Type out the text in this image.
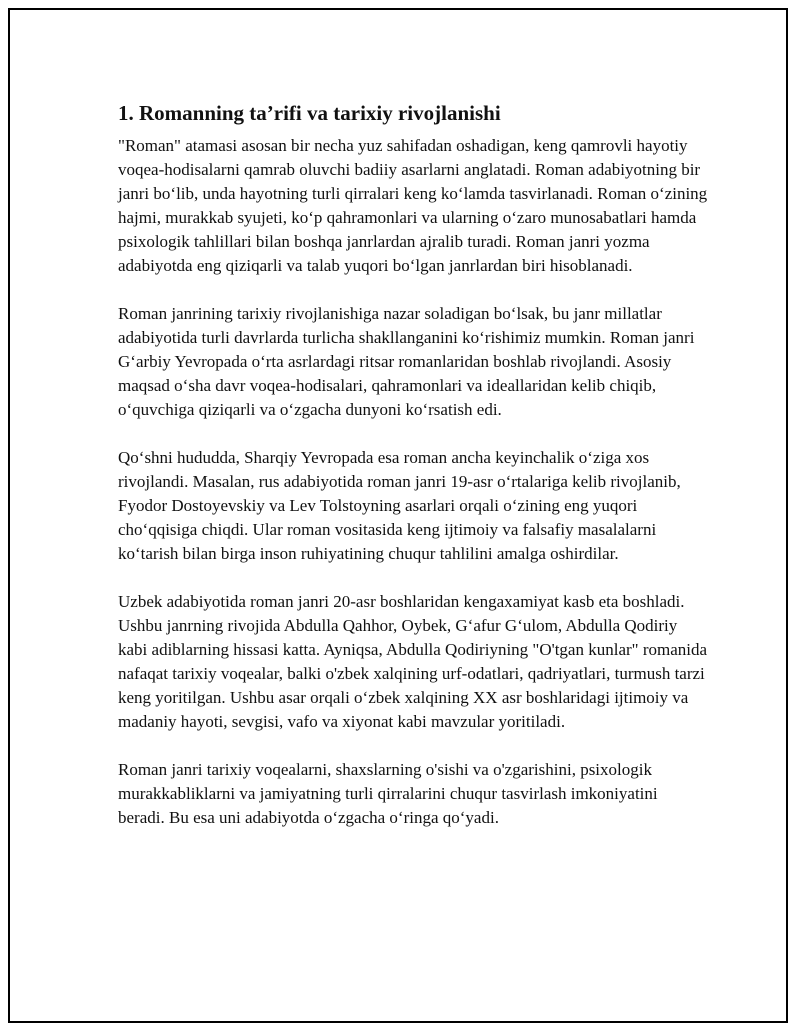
1. Romanning ta’rifi va tarixiy rivojlanishi

"Roman" atamasi asosan bir necha yuz sahifadan oshadigan, keng qamrovli hayotiy voqea-hodisalarni qamrab oluvchi badiiy asarlarni anglatadi. Roman adabiyotning bir janri boʻlib, unda hayotning turli qirralari keng koʻlamda tasvirlanadi. Roman oʻzining hajmi, murakkab syujeti, koʻp qahramonlari va ularning oʻzaro munosabatlari hamda psixologik tahlillari bilan boshqa janrlardan ajralib turadi. Roman janri yozma adabiyotda eng qiziqarli va talab yuqori boʻlgan janrlardan biri hisoblanadi.

Roman janrining tarixiy rivojlanishiga nazar soladigan boʻlsak, bu janr millatlar adabiyotida turli davrlarda turlicha shakllanganini koʻrishimiz mumkin. Roman janri Gʻarbiy Yevropada oʻrta asrlardagi ritsar romanlaridan boshlab rivojlandi. Asosiy maqsad oʻsha davr voqea-hodisalari, qahramonlari va ideallaridan kelib chiqib, oʻquvchiga qiziqarli va oʻzgacha dunyoni koʻrsatish edi.

Qoʻshni hududda, Sharqiy Yevropada esa roman ancha keyinchalik oʻziga xos rivojlandi. Masalan, rus adabiyotida roman janri 19-asr oʻrtalariga kelib rivojlanib, Fyodor Dostoyevskiy va Lev Tolstoyning asarlari orqali oʻzining eng yuqori choʻqqisiga chiqdi. Ular roman vositasida keng ijtimoiy va falsafiy masalalarni koʻtarish bilan birga inson ruhiyatining chuqur tahlilini amalga oshirdilar.

Uzbek adabiyotida roman janri 20-asr boshlaridan kengaxamiyat kasb eta boshladi. Ushbu janrning rivojida Abdulla Qahhor, Oybek, Gʻafur Gʻulom, Abdulla Qodiriy kabi adiblarning hissasi katta. Ayniqsa, Abdulla Qodiriyning "O'tgan kunlar" romanida nafaqat tarixiy voqealar, balki o'zbek xalqining urf-odatlari, qadriyatlari, turmush tarzi keng yoritilgan. Ushbu asar orqali oʻzbek xalqining XX asr boshlaridagi ijtimoiy va madaniy hayoti, sevgisi, vafo va xiyonat kabi mavzular yoritiladi.

Roman janri tarixiy voqealarni, shaxslarning o'sishi va o'zgarishini, psixologik murakkabliklarni va jamiyatning turli qirralarini chuqur tasvirlash imkoniyatini beradi. Bu esa uni adabiyotda oʻzgacha oʻringa qoʻyadi.
